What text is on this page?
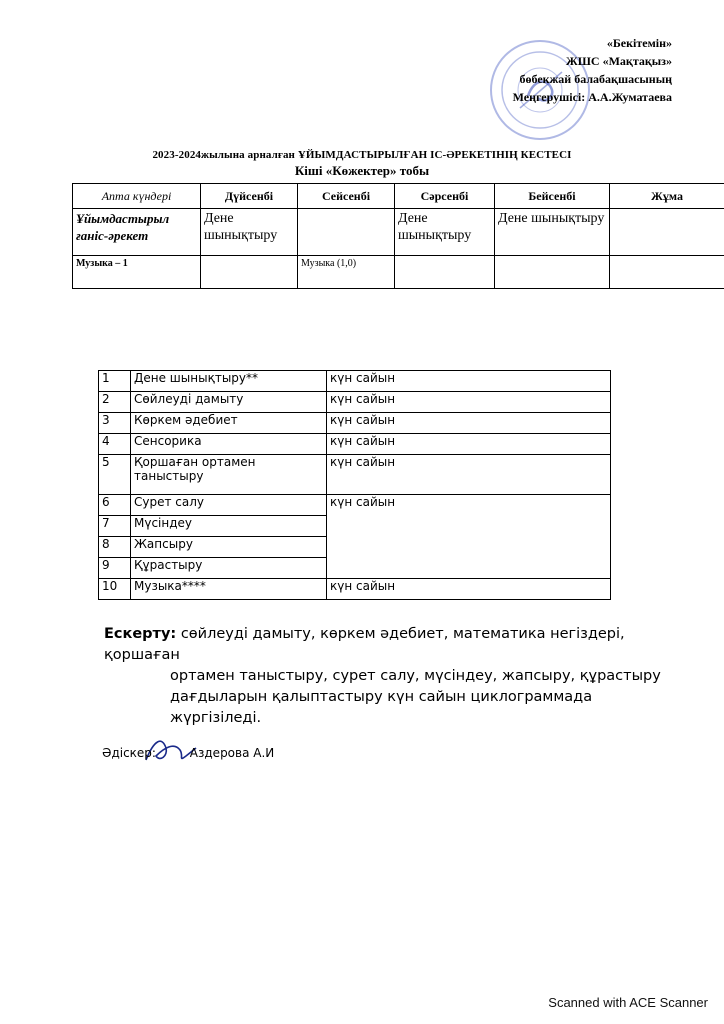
«Бекітемін»
ЖШС «Мақтақыз»
бөбекжай балабақшасының
Меңгерушісі: А.А.Жуматаева
2023-2024жылына арналған ҰЙЫМДАСТЫРЫЛҒАН ІС-ӘРЕКЕТІНІҢ КЕСТЕСІ
Кіші «Көжектер» тобы
Апта күндері	Дүйсенбі	Сейсенбі	Сәрсенбі	Бейсенбі	Жұма
Ұйымдастырыл ғаніс-әрекет	Дене шынықтыру		Дене шынықтыру	Дене шынықтыру	
Музыка – 1		Музыка (1,0)			
1	Дене шынықтыру**	күн сайын
2	Сөйлеуді дамыту	күн сайын
3	Көркем әдебиет	күн сайын
4	Сенсорика	күн сайын
5	Қоршаған ортамен таныстыру	күн сайын
6	Сурет салу	күн сайын
7	Мүсіндеу	
8	Жапсыру	
9	Құрастыру	
10	Музыка****	күн сайын
Ескерту: сөйлеуді дамыту, көркем әдебиет, математика негіздері, қоршаған
ортамен таныстыру, сурет салу, мүсіндеу, жапсыру, құрастыру
дағдыларын қалыптастыру күн сайын циклограммада жүргізіледі.
Әдіскер:	Аздерова А.И
Scanned with ACE Scanner
